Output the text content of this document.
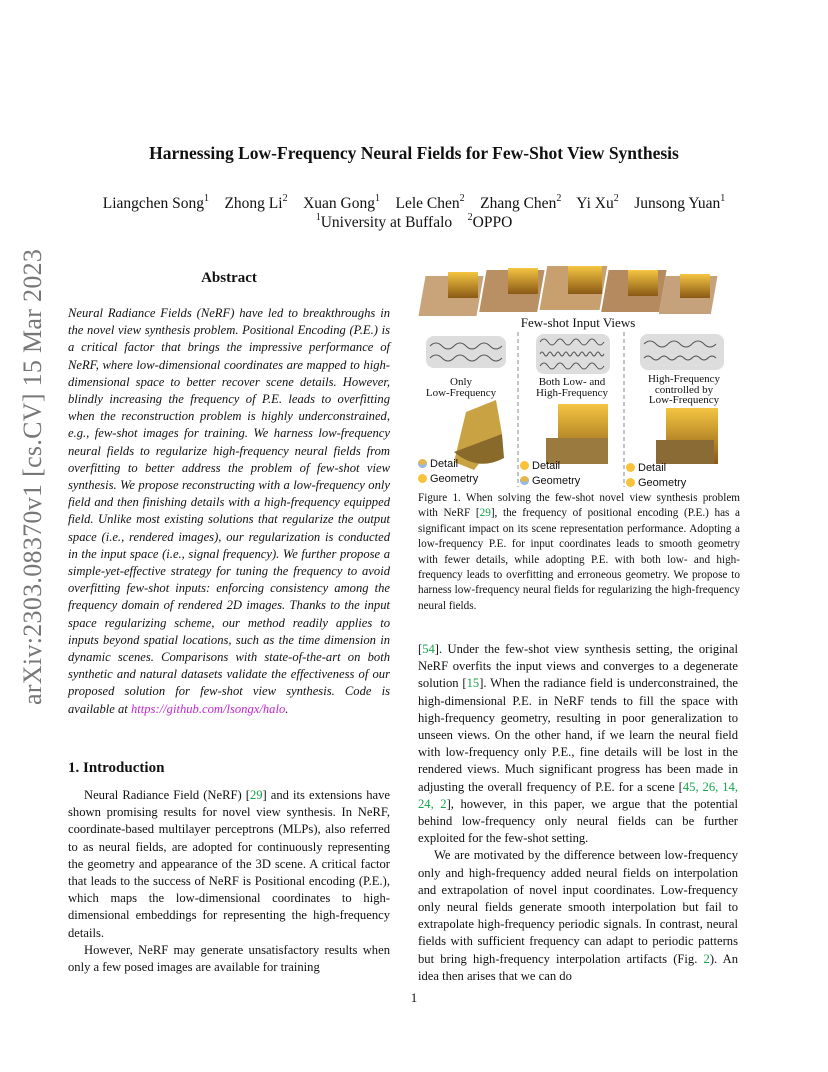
Harnessing Low-Frequency Neural Fields for Few-Shot View Synthesis
Liangchen Song$^1$ Zhong Li$^2$ Xuan Gong$^1$ Lele Chen$^2$ Zhang Chen$^2$ Yi Xu$^2$ Junsong Yuan$^1$
$^1$University at Buffalo $^2$OPPO
arXiv:2303.08370v1 [cs.CV] 15 Mar 2023	Abstract
Neural Radiance Fields (NeRF) have led to breakthroughs in the novel view synthesis problem. Positional Encoding (P.E.) is a critical factor that brings the impressive performance of NeRF, where low-dimensional coordinates are mapped to high-dimensional space to better recover scene details. However, blindly increasing the frequency of P.E. leads to overfitting when the reconstruction problem is highly underconstrained, e.g., few-shot images for training. We harness low-frequency neural fields to regularize high-frequency neural fields from overfitting to better address the problem of few-shot view synthesis. We propose reconstructing with a low-frequency only field and then finishing details with a high-frequency equipped field. Unlike most existing solutions that regularize the output space (i.e., rendered images), our regularization is conducted in the input space (i.e., signal frequency). We further propose a simple-yet-effective strategy for tuning the frequency to avoid overfitting few-shot inputs: enforcing consistency among the frequency domain of rendered 2D images. Thanks to the input space regularizing scheme, our method readily applies to inputs beyond spatial locations, such as the time dimension in dynamic scenes. Comparisons with state-of-the-art on both synthetic and natural datasets validate the effectiveness of our proposed solution for few-shot view synthesis. Code is available at https://github.com/lsongx/halo.
1. Introduction

Neural Radiance Field (NeRF) [29] and its extensions have shown promising results for novel view synthesis. In NeRF, coordinate-based multilayer perceptrons (MLPs), also referred to as neural fields, are adopted for continuously representing the geometry and appearance of the 3D scene. A critical factor that leads to the success of NeRF is Positional encoding (P.E.), which maps the low-dimensional coordinates to high-dimensional embeddings for representing the high-frequency details.

However, NeRF may generate unsatisfactory results when only a few posed images are available for training

Few-shot Input Views
Only
Low-Frequency
Both Low- and
High-Frequency
High-Frequency
controlled by
Low-Frequency
Detail
Geometry
Detail
Geometry
Detail
Geometry
Figure 1. When solving the few-shot novel view synthesis problem with NeRF [29], the frequency of positional encoding (P.E.) has a significant impact on its scene representation performance. Adopting a low-frequency P.E. for input coordinates leads to smooth geometry with fewer details, while adopting P.E. with both low- and high-frequency leads to overfitting and erroneous geometry. We propose to harness low-frequency neural fields for regularizing the high-frequency neural fields.

[54]. Under the few-shot view synthesis setting, the original NeRF overfits the input views and converges to a degenerate solution [15]. When the radiance field is underconstrained, the high-dimensional P.E. in NeRF tends to fill the space with high-frequency geometry, resulting in poor generalization to unseen views. On the other hand, if we learn the neural field with low-frequency only P.E., fine details will be lost in the rendered views. Much significant progress has been made in adjusting the overall frequency of P.E. for a scene [45, 26, 14, 24, 2], however, in this paper, we argue that the potential behind low-frequency only neural fields can be further exploited for the few-shot setting.

We are motivated by the difference between low-frequency only and high-frequency added neural fields on interpolation and extrapolation of novel input coordinates. Low-frequency only neural fields generate smooth interpolation but fail to extrapolate high-frequency periodic signals. In contrast, neural fields with sufficient frequency can adapt to periodic patterns but bring high-frequency interpolation artifacts (Fig. 2). An idea then arises that we can do

1
